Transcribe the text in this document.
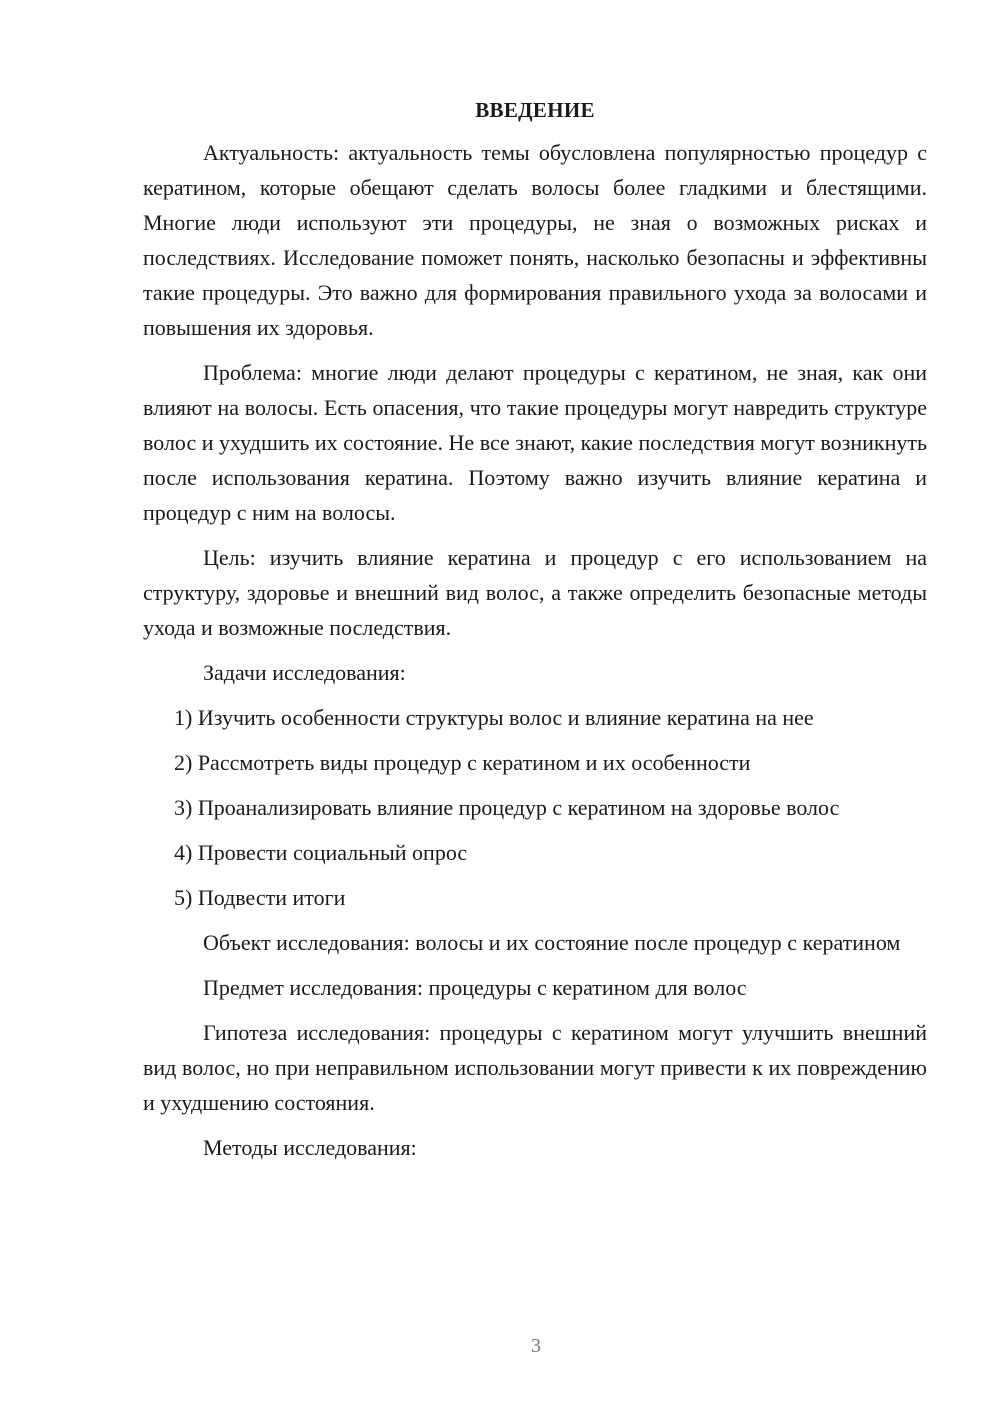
ВВЕДЕНИЕ

Актуальность: актуальность темы обусловлена популярностью процедур с кератином, которые обещают сделать волосы более гладкими и блестящими. Многие люди используют эти процедуры, не зная о возможных рисках и последствиях. Исследование поможет понять, насколько безопасны и эффективны такие процедуры. Это важно для формирования правильного ухода за волосами и повышения их здоровья.

Проблема: многие люди делают процедуры с кератином, не зная, как они влияют на волосы. Есть опасения, что такие процедуры могут навредить структуре волос и ухудшить их состояние. Не все знают, какие последствия могут возникнуть после использования кератина. Поэтому важно изучить влияние кератина и процедур с ним на волосы.

Цель: изучить влияние кератина и процедур с его использованием на структуру, здоровье и внешний вид волос, а также определить безопасные методы ухода и возможные последствия.

Задачи исследования:

1) Изучить особенности структуры волос и влияние кератина на нее

2) Рассмотреть виды процедур с кератином и их особенности

3) Проанализировать влияние процедур с кератином на здоровье волос

4) Провести социальный опрос

5) Подвести итоги

Объект исследования: волосы и их состояние после процедур с кератином

Предмет исследования: процедуры с кератином для волос

Гипотеза исследования: процедуры с кератином могут улучшить внешний вид волос, но при неправильном использовании могут привести к их повреждению и ухудшению состояния.

Методы исследования:

3
